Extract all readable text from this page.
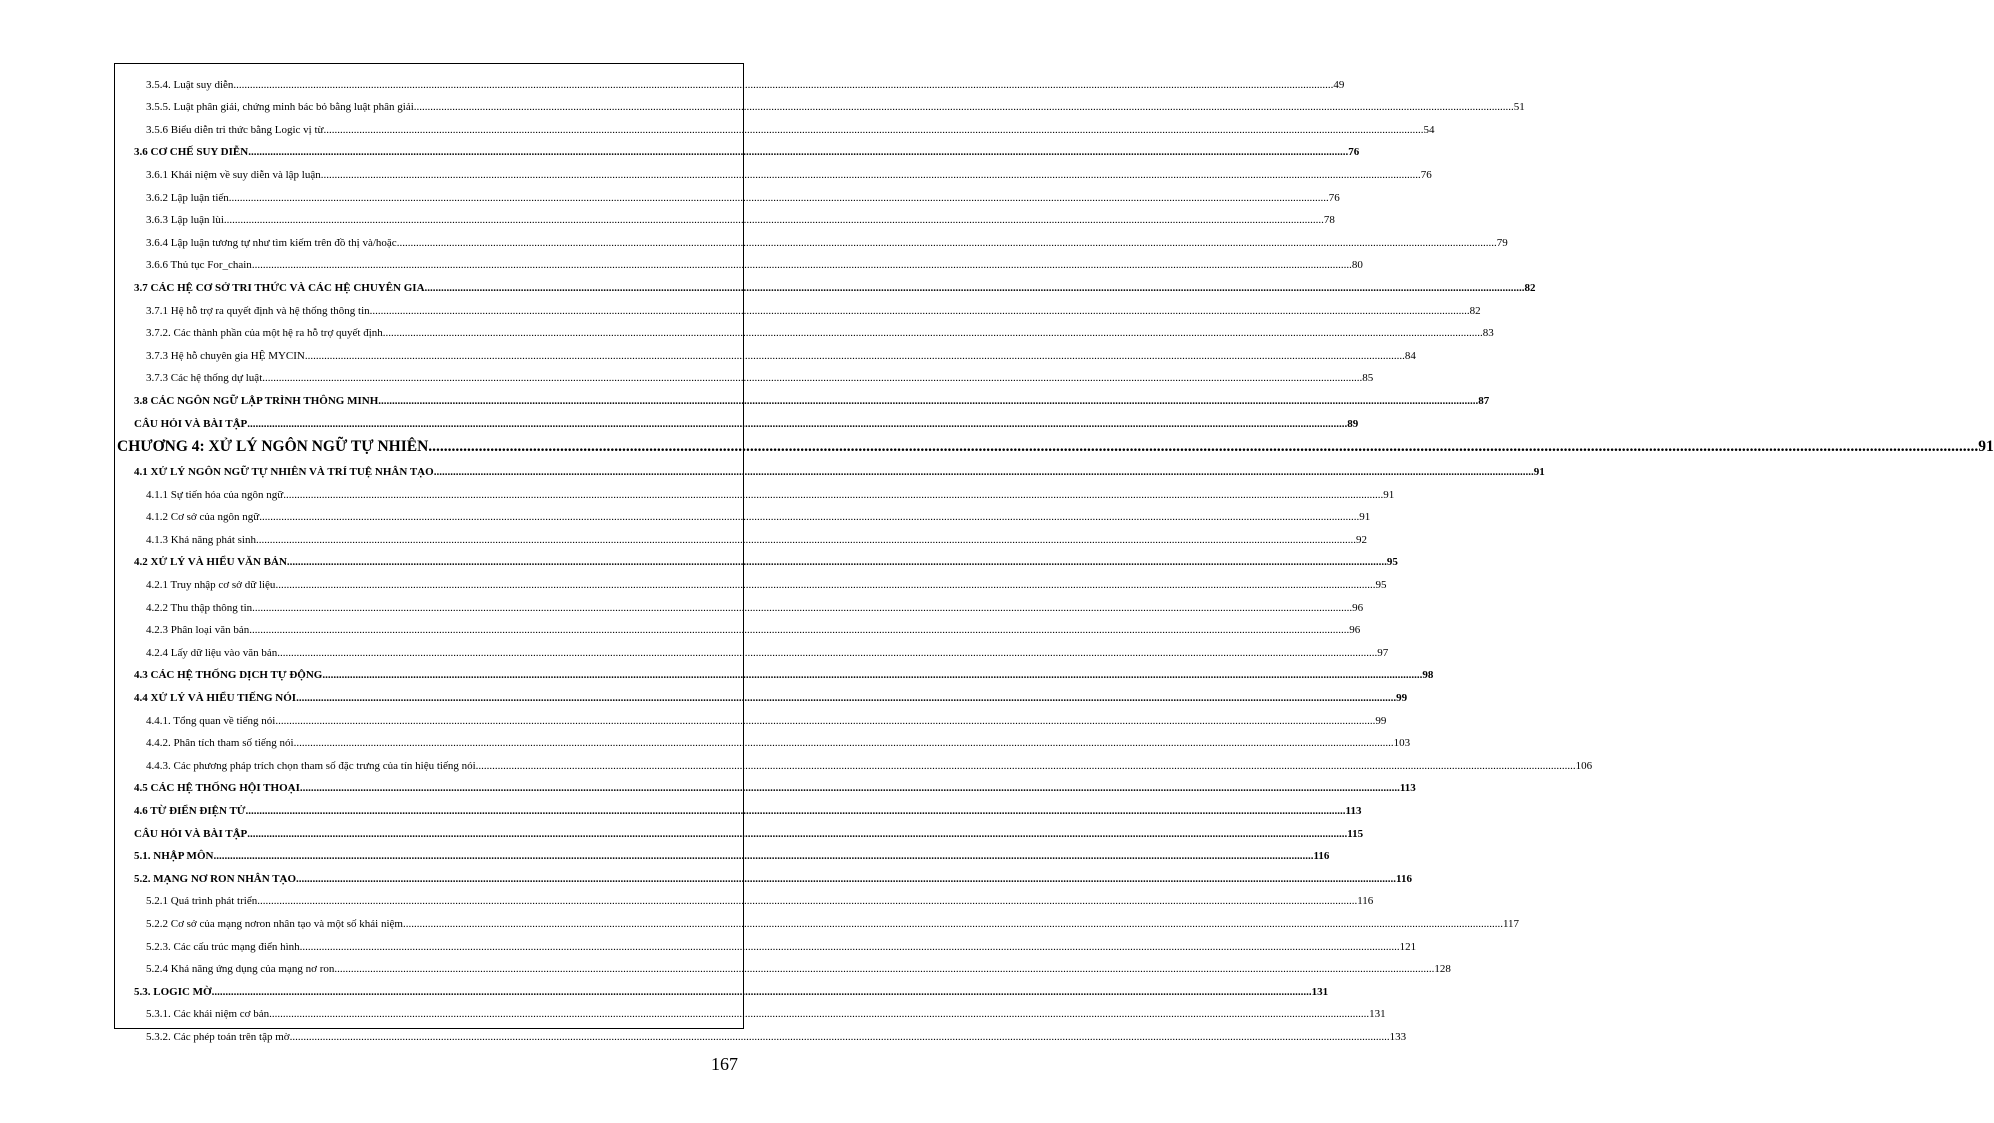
3.5.4. Luật suy diễn ................................................................................................................................................................................................................................................................................................................................................................................................................ 49
3.5.5. Luật phân giải, chứng minh bác bỏ bằng luật phân giải ................................................................................................................................................................................................................................................................................................................................................................................................................ 51
3.5.6 Biểu diễn tri thức bằng Logic vị từ ................................................................................................................................................................................................................................................................................................................................................................................................................ 54
3.6 CƠ CHẾ SUY DIỄN ................................................................................................................................................................................................................................................................................................................................................................................................................ 76
3.6.1 Khái niệm về suy diễn và lập luận ................................................................................................................................................................................................................................................................................................................................................................................................................ 76
3.6.2 Lập luận tiến ................................................................................................................................................................................................................................................................................................................................................................................................................ 76
3.6.3 Lập luận lùi ................................................................................................................................................................................................................................................................................................................................................................................................................ 78
3.6.4 Lập luận tương tự như tìm kiếm trên đồ thị và/hoặc ................................................................................................................................................................................................................................................................................................................................................................................................................ 79
3.6.6 Thủ tục For_chain ................................................................................................................................................................................................................................................................................................................................................................................................................ 80
3.7 CÁC HỆ CƠ SỞ TRI THỨC VÀ CÁC HỆ CHUYÊN GIA ................................................................................................................................................................................................................................................................................................................................................................................................................ 82
3.7.1 Hệ hỗ trợ ra quyết định và hệ thống thông tin ................................................................................................................................................................................................................................................................................................................................................................................................................ 82
3.7.2. Các thành phần của một hệ ra hỗ trợ quyết định ................................................................................................................................................................................................................................................................................................................................................................................................................ 83
3.7.3 Hệ hỗ chuyên gia HỆ MYCIN ................................................................................................................................................................................................................................................................................................................................................................................................................ 84
3.7.3 Các hệ thống dự luật ................................................................................................................................................................................................................................................................................................................................................................................................................ 85
3.8 CÁC NGÔN NGỮ LẬP TRÌNH THÔNG MINH ................................................................................................................................................................................................................................................................................................................................................................................................................ 87
CÂU HỎI VÀ BÀI TẬP ................................................................................................................................................................................................................................................................................................................................................................................................................ 89
CHƯƠNG 4: XỬ LÝ NGÔN NGỮ TỰ NHIÊN ................................................................................................................................................................................................................................................................................................................................................................................................................ 91
4.1 XỬ LÝ NGÔN NGỮ TỰ NHIÊN VÀ TRÍ TUỆ NHÂN TẠO ................................................................................................................................................................................................................................................................................................................................................................................................................ 91
4.1.1 Sự tiến hóa của ngôn ngữ ................................................................................................................................................................................................................................................................................................................................................................................................................ 91
4.1.2 Cơ sở của ngôn ngữ ................................................................................................................................................................................................................................................................................................................................................................................................................ 91
4.1.3 Khả năng phát sinh ................................................................................................................................................................................................................................................................................................................................................................................................................ 92
4.2 XỬ LÝ VÀ HIỂU VĂN BẢN ................................................................................................................................................................................................................................................................................................................................................................................................................ 95
4.2.1 Truy nhập cơ sở dữ liệu ................................................................................................................................................................................................................................................................................................................................................................................................................ 95
4.2.2 Thu thập thông tin ................................................................................................................................................................................................................................................................................................................................................................................................................ 96
4.2.3 Phân loại văn bản ................................................................................................................................................................................................................................................................................................................................................................................................................ 96
4.2.4 Lấy dữ liệu vào văn bản ................................................................................................................................................................................................................................................................................................................................................................................................................ 97
4.3 CÁC HỆ THỐNG DỊCH TỰ ĐỘNG ................................................................................................................................................................................................................................................................................................................................................................................................................ 98
4.4 XỬ LÝ VÀ HIỂU TIẾNG NÓI ................................................................................................................................................................................................................................................................................................................................................................................................................ 99
4.4.1. Tổng quan về tiếng nói ................................................................................................................................................................................................................................................................................................................................................................................................................ 99
4.4.2. Phân tích tham số tiếng nói ................................................................................................................................................................................................................................................................................................................................................................................................................ 103
4.4.3. Các phương pháp trích chọn tham số đặc trưng của tín hiệu tiếng nói ................................................................................................................................................................................................................................................................................................................................................................................................................ 106
4.5 CÁC HỆ THỐNG HỘI THOẠI ................................................................................................................................................................................................................................................................................................................................................................................................................ 113
4.6 TỪ ĐIỂN ĐIỆN TỬ ................................................................................................................................................................................................................................................................................................................................................................................................................ 113
CÂU HỎI VÀ BÀI TẬP ................................................................................................................................................................................................................................................................................................................................................................................................................ 115
5.1. NHẬP MÔN ................................................................................................................................................................................................................................................................................................................................................................................................................ 116
5.2. MẠNG NƠ RON NHÂN TẠO ................................................................................................................................................................................................................................................................................................................................................................................................................ 116
5.2.1 Quá trình phát triển ................................................................................................................................................................................................................................................................................................................................................................................................................ 116
5.2.2 Cơ sở của mạng nơron nhân tạo và một số khái niệm ................................................................................................................................................................................................................................................................................................................................................................................................................ 117
5.2.3. Các cấu trúc mạng điển hình ................................................................................................................................................................................................................................................................................................................................................................................................................ 121
5.2.4 Khả năng ứng dụng của mạng nơ ron ................................................................................................................................................................................................................................................................................................................................................................................................................ 128
5.3. LOGIC MỜ ................................................................................................................................................................................................................................................................................................................................................................................................................ 131
5.3.1. Các khái niệm cơ bản ................................................................................................................................................................................................................................................................................................................................................................................................................ 131
5.3.2. Các phép toán trên tập mờ ................................................................................................................................................................................................................................................................................................................................................................................................................ 133
167
